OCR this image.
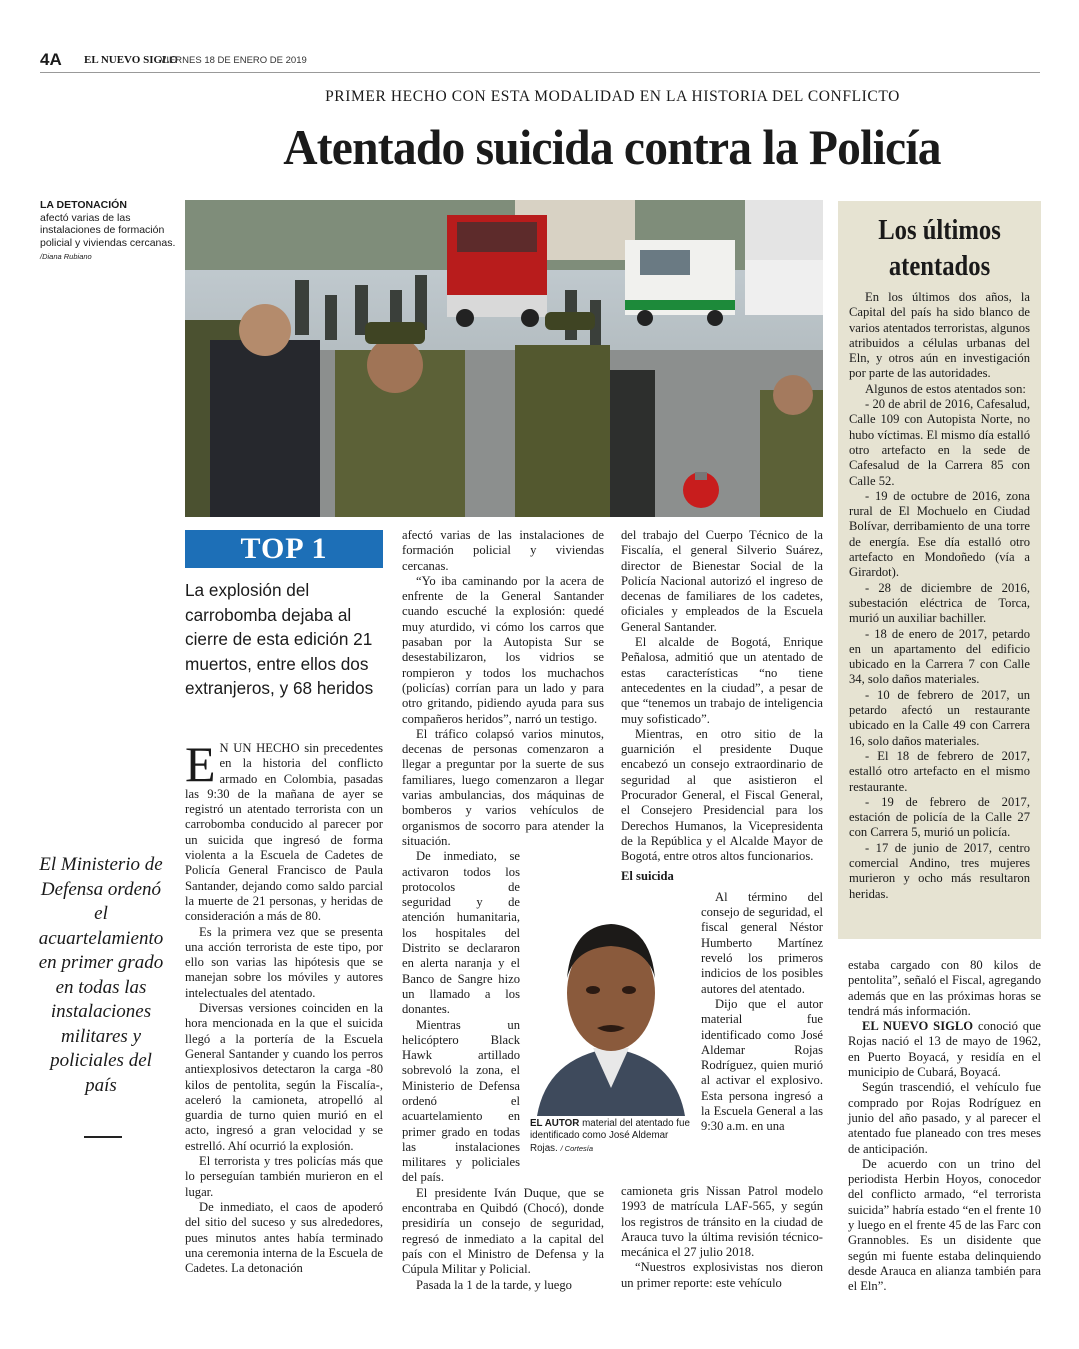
4A EL NUEVO SIGLO
VIERNES 18 DE ENERO DE 2019
PRIMER HECHO CON ESTA MODALIDAD EN LA HISTORIA DEL CONFLICTO
Atentado suicida contra la Policía
LA DETONACIÓN
afectó varias de las instalaciones de formación policial y viviendas cercanas.
/Diana Rubiano
TOP 1
La explosión del carrobomba dejaba al cierre de esta edición 21 muertos, entre ellos dos extranjeros, y 68 heridos

E N UN HECHO sin precedentes en la historia del conflicto armado en Colombia, pasadas las 9:30 de la mañana de ayer se registró un atentado terrorista con un carrobomba conducido al parecer por un suicida que ingresó de forma violenta a la Escuela de Cadetes de Policía General Francisco de Paula Santander, dejando como saldo parcial la muerte de 21 personas, y heridas de consideración a más de 80.

Es la primera vez que se presenta una acción terrorista de este tipo, por ello son varias las hipótesis que se manejan sobre los móviles y autores intelectuales del atentado.

Diversas versiones coinciden en la hora mencionada en la que el suicida llegó a la portería de la Escuela General Santander y cuando los perros antiexplosivos detectaron la carga -80 kilos de pentolita, según la Fiscalía-, aceleró la camioneta, atropelló al guardia de turno quien murió en el acto, ingresó a gran velocidad y se estrelló. Ahí ocurrió la explosión.

El terrorista y tres policías más que lo perseguían también murieron en el lugar.

De inmediato, el caos de apoderó del sitio del suceso y sus alrededores, pues minutos antes había terminado una ceremonia interna de la Escuela de Cadetes. La detonación

El Ministerio de Defensa ordenó el acuartelamiento en primer grado en todas las instalaciones militares y policiales del país

afectó varias de las instalaciones de formación policial y viviendas cercanas.

“Yo iba caminando por la acera de enfrente de la General Santander cuando escuché la explosión: quedé muy aturdido, vi cómo los carros que pasaban por la Autopista Sur se desestabilizaron, los vidrios se rompieron y todos los muchachos (policías) corrían para un lado y para otro gritando, pidiendo ayuda para sus compañeros heridos”, narró un testigo.

El tráfico colapsó varios minutos, decenas de personas comenzaron a llegar a preguntar por la suerte de sus familiares, luego comenzaron a llegar varias ambulancias, dos máquinas de bomberos y varios vehículos de organismos de socorro para atender la situación.

De inmediato, se activaron todos los protocolos de seguridad y de atención humanitaria, los hospitales del Distrito se declararon en alerta naranja y el Banco de Sangre hizo un llamado a los donantes.

Mientras un helicóptero Black Hawk artillado sobrevoló la zona, el Ministerio de Defensa ordenó el acuartelamiento en primer grado en todas las instalaciones militares y policiales del país.

El presidente Iván Duque, que se encontraba en Quibdó (Chocó), donde presidiría un consejo de seguridad, regresó de inmediato a la capital del país con el Ministro de Defensa y la Cúpula Militar y Policial.

Pasada la 1 de la tarde, y luego

del trabajo del Cuerpo Técnico de la Fiscalía, el general Silverio Suárez, director de Bienestar Social de la Policía Nacional autorizó el ingreso de decenas de familiares de los cadetes, oficiales y empleados de la Escuela General Santander.

El alcalde de Bogotá, Enrique Peñalosa, admitió que un atentado de estas características “no tiene antecedentes en la ciudad”, a pesar de que “tenemos un trabajo de inteligencia muy sofisticado”.

Mientras, en otro sitio de la guarnición el presidente Duque encabezó un consejo extraordinario de seguridad al que asistieron el Procurador General, el Fiscal General, el Consejero Presidencial para los Derechos Humanos, la Vicepresidenta de la República y el Alcalde Mayor de Bogotá, entre otros altos funcionarios.

El suicida

Al término del consejo de seguridad, el fiscal general Néstor Humberto Martínez reveló los primeros indicios de los posibles autores del atentado.

Dijo que el autor material fue identificado como José Aldemar Rojas Rodríguez, quien murió al activar el explosivo. Esta persona ingresó a la Escuela General a las 9:30 a.m. en una

camioneta gris Nissan Patrol modelo 1993 de matrícula LAF-565, y según los registros de tránsito en la ciudad de Arauca tuvo la última revisión técnico-mecánica el 27 julio 2018.

“Nuestros explosivistas nos dieron un primer reporte: este vehículo

EL AUTOR material del atentado fue identificado como José Aldemar Rojas. / Cortesía
Los últimos atentados

En los últimos dos años, la Capital del país ha sido blanco de varios atentados terroristas, algunos atribuidos a células urbanas del Eln, y otros aún en investigación por parte de las autoridades.

Algunos de estos atentados son:

- 20 de abril de 2016, Cafesalud, Calle 109 con Autopista Norte, no hubo víctimas. El mismo día estalló otro artefacto en la sede de Cafesalud de la Carrera 85 con Calle 52.

- 19 de octubre de 2016, zona rural de El Mochuelo en Ciudad Bolívar, derribamiento de una torre de energía. Ese día estalló otro artefacto en Mondoñedo (vía a Girardot).

- 28 de diciembre de 2016, subestación eléctrica de Torca, murió un auxiliar bachiller.

- 18 de enero de 2017, petardo en un apartamento del edificio ubicado en la Carrera 7 con Calle 34, solo daños materiales.

- 10 de febrero de 2017, un petardo afectó un restaurante ubicado en la Calle 49 con Carrera 16, solo daños materiales.

- El 18 de febrero de 2017, estalló otro artefacto en el mismo restaurante.

- 19 de febrero de 2017, estación de policía de la Calle 27 con Carrera 5, murió un policía.

- 17 de junio de 2017, centro comercial Andino, tres mujeres murieron y ocho más resultaron heridas.

estaba cargado con 80 kilos de pentolita”, señaló el Fiscal, agregando además que en las próximas horas se tendrá más información.

EL NUEVO SIGLO conoció que Rojas nació el 13 de mayo de 1962, en Puerto Boyacá, y residía en el municipio de Cubará, Boyacá.

Según trascendió, el vehículo fue comprado por Rojas Rodríguez en junio del año pasado, y al parecer el atentado fue planeado con tres meses de anticipación.

De acuerdo con un trino del periodista Herbin Hoyos, conocedor del conflicto armado, “el terrorista suicida” habría estado “en el frente 10 y luego en el frente 45 de las Farc con Grannobles. Es un disidente que según mi fuente estaba delinquiendo desde Arauca en alianza también para el Eln”.
